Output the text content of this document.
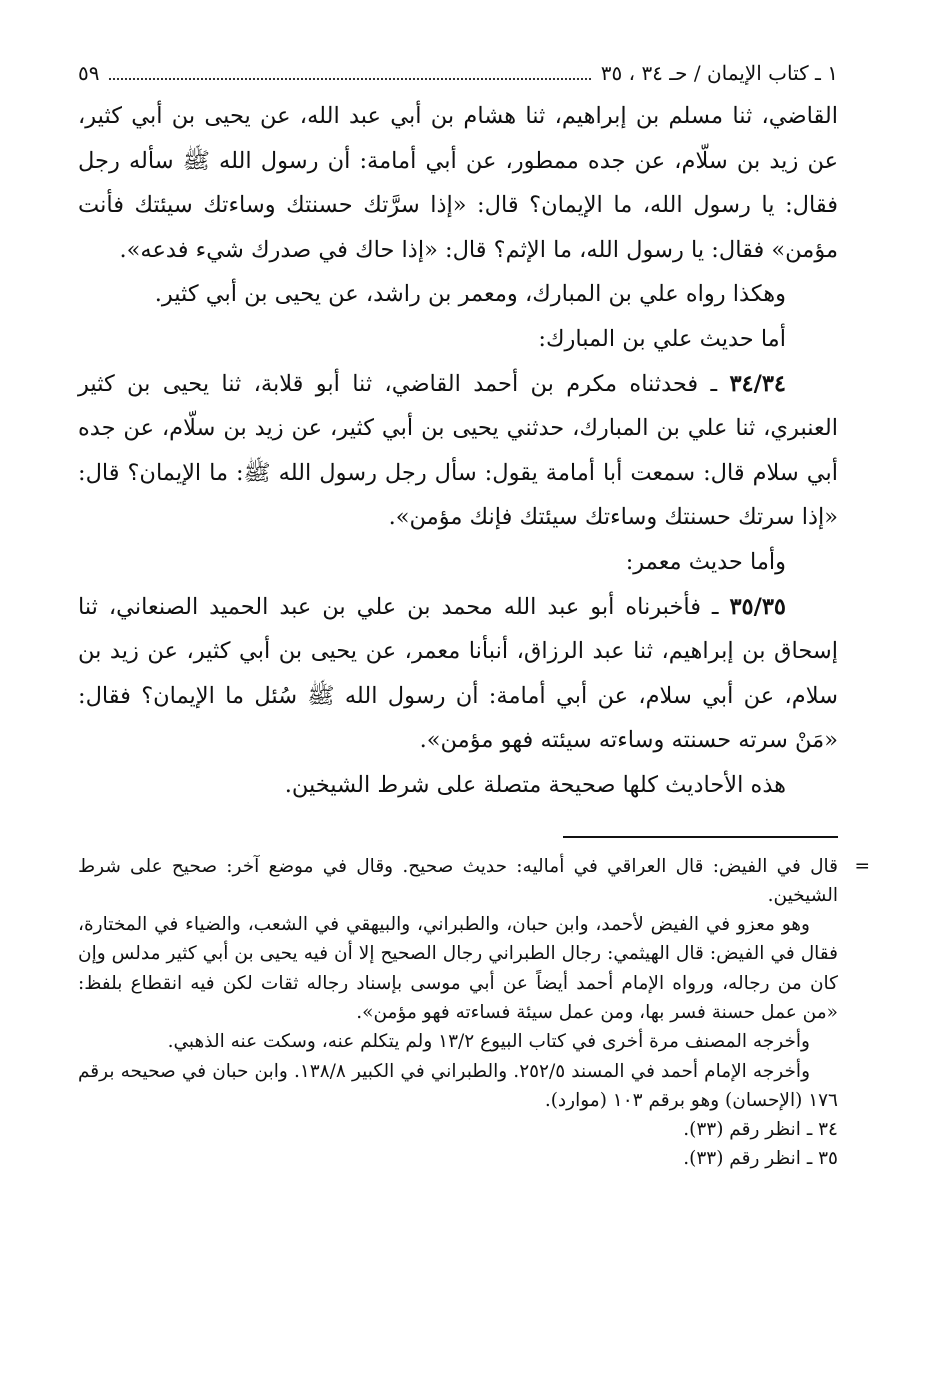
١ ـ كتاب الإيمان / حـ ٣٤ ، ٣٥
٥٩

القاضي، ثنا مسلم بن إبراهيم، ثنا هشام بن أبي عبد الله، عن يحيى بن أبي كثير، عن زيد بن سلّام، عن جده ممطور، عن أبي أمامة: أن رسول الله ﷺ سأله رجل فقال: يا رسول الله، ما الإيمان؟ قال: «إذا سرَّتك حسنتك وساءتك سيئتك فأنت مؤمن» فقال: يا رسول الله، ما الإثم؟ قال: «إذا حاك في صدرك شيء فدعه».

وهكذا رواه علي بن المبارك، ومعمر بن راشد، عن يحيى بن أبي كثير.

أما حديث علي بن المبارك:

٣٤/٣٤ ـ فحدثناه مكرم بن أحمد القاضي، ثنا أبو قلابة، ثنا يحيى بن كثير العنبري، ثنا علي بن المبارك، حدثني يحيى بن أبي كثير، عن زيد بن سلّام، عن جده أبي سلام قال: سمعت أبا أمامة يقول: سأل رجل رسول الله ﷺ: ما الإيمان؟ قال: «إذا سرتك حسنتك وساءتك سيئتك فإنك مؤمن».

وأما حديث معمر:

٣٥/٣٥ ـ فأخبرناه أبو عبد الله محمد بن علي بن عبد الحميد الصنعاني، ثنا إسحاق بن إبراهيم، ثنا عبد الرزاق، أنبأنا معمر، عن يحيى بن أبي كثير، عن زيد بن سلام، عن أبي سلام، عن أبي أمامة: أن رسول الله ﷺ سُئل ما الإيمان؟ فقال: «مَنْ سرته حسنته وساءته سيئته فهو مؤمن».

هذه الأحاديث كلها صحيحة متصلة على شرط الشيخين.

=
قال في الفيض: قال العراقي في أماليه: حديث صحيح. وقال في موضع آخر: صحيح على شرط الشيخين.

وهو معزو في الفيض لأحمد، وابن حبان، والطبراني، والبيهقي في الشعب، والضياء في المختارة، فقال في الفيض: قال الهيثمي: رجال الطبراني رجال الصحيح إلا أن فيه يحيى بن أبي كثير مدلس وإن كان من رجاله، ورواه الإمام أحمد أيضاً عن أبي موسى بإسناد رجاله ثقات لكن فيه انقطاع بلفظ: «من عمل حسنة فسر بها، ومن عمل سيئة فساءته فهو مؤمن».

وأخرجه المصنف مرة أخرى في كتاب البيوع ١٣/٢ ولم يتكلم عنه، وسكت عنه الذهبي.

وأخرجه الإمام أحمد في المسند ٢٥٢/٥. والطبراني في الكبير ١٣٨/٨. وابن حبان في صحيحه برقم ١٧٦ (الإحسان) وهو برقم ١٠٣ (موارد).

٣٤ ـ انظر رقم (٣٣).

٣٥ ـ انظر رقم (٣٣).
